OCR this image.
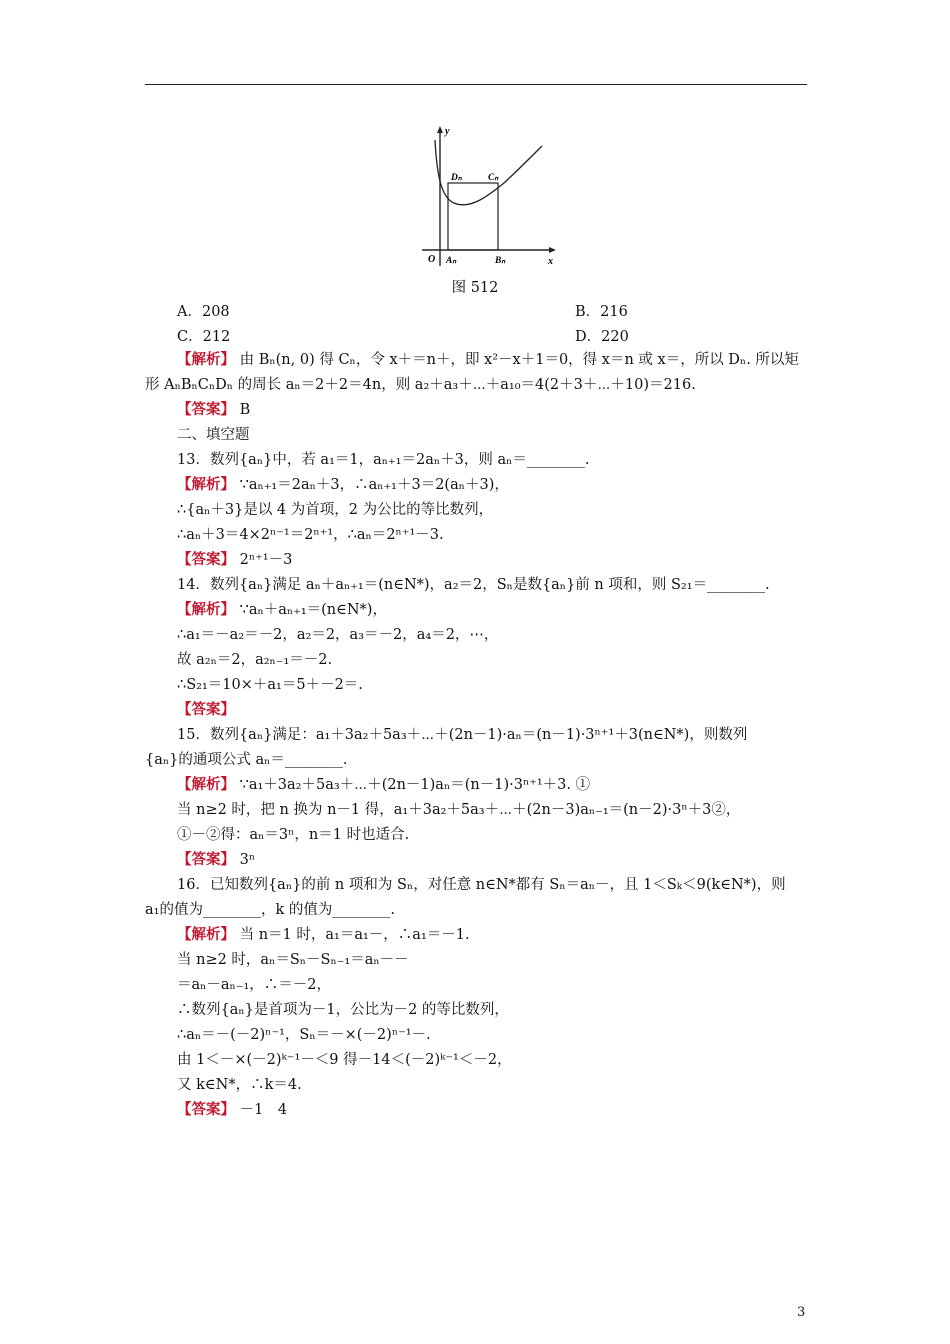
y
x
O
Dₙ	Cₙ
Aₙ	Bₙ
图 512
A．208	B．216
C．212	D．220
【解析】 由 Bₙ(n, 0) 得 Cₙ，令 x＋＝n＋，即 x²－x＋1＝0，得 x＝n 或 x＝，所以 Dₙ. 所以矩
形 AₙBₙCₙDₙ 的周长 aₙ＝2＋2＝4n，则 a₂＋a₃＋⋯＋a₁₀＝4(2＋3＋⋯＋10)＝216.
【答案】 B
二、填空题
13．数列{aₙ}中，若 a₁＝1，aₙ₊₁＝2aₙ＋3，则 aₙ＝________.
【解析】 ∵aₙ₊₁＝2aₙ＋3，∴aₙ₊₁＋3＝2(aₙ＋3)，
∴{aₙ＋3}是以 4 为首项，2 为公比的等比数列，
∴aₙ＋3＝4×2ⁿ⁻¹＝2ⁿ⁺¹，∴aₙ＝2ⁿ⁺¹－3.
【答案】 2ⁿ⁺¹－3
14．数列{aₙ}满足 aₙ＋aₙ₊₁＝(n∈N*)，a₂＝2，Sₙ是数{aₙ}前 n 项和，则 S₂₁＝________.
【解析】 ∵aₙ＋aₙ₊₁＝(n∈N*)，
∴a₁＝－a₂＝－2，a₂＝2，a₃＝－2，a₄＝2，⋯，
故 a₂ₙ＝2，a₂ₙ₋₁＝－2.
∴S₂₁＝10×＋a₁＝5＋－2＝.
【答案】
15．数列{aₙ}满足：a₁＋3a₂＋5a₃＋⋯＋(2n－1)·aₙ＝(n－1)·3ⁿ⁺¹＋3(n∈N*)，则数列
{aₙ}的通项公式 aₙ＝________.
【解析】 ∵a₁＋3a₂＋5a₃＋⋯＋(2n－1)aₙ＝(n－1)·3ⁿ⁺¹＋3. ①
当 n≥2 时，把 n 换为 n－1 得，a₁＋3a₂＋5a₃＋⋯＋(2n－3)aₙ₋₁＝(n－2)·3ⁿ＋3②，
①－②得：aₙ＝3ⁿ，n＝1 时也适合.
【答案】 3ⁿ
16．已知数列{aₙ}的前 n 项和为 Sₙ，对任意 n∈N*都有 Sₙ＝aₙ－，且 1＜Sₖ＜9(k∈N*)，则
a₁的值为________，k 的值为________.
【解析】 当 n＝1 时，a₁＝a₁－，∴a₁＝－1.
当 n≥2 时，aₙ＝Sₙ－Sₙ₋₁＝aₙ－－
＝aₙ－aₙ₋₁，∴＝－2，
∴数列{aₙ}是首项为－1，公比为－2 的等比数列，
∴aₙ＝－(－2)ⁿ⁻¹，Sₙ＝－×(－2)ⁿ⁻¹－.
由 1＜－×(－2)ᵏ⁻¹－＜9 得－14＜(－2)ᵏ⁻¹＜－2，
又 k∈N*，∴k＝4.
【答案】 －1　4
3
